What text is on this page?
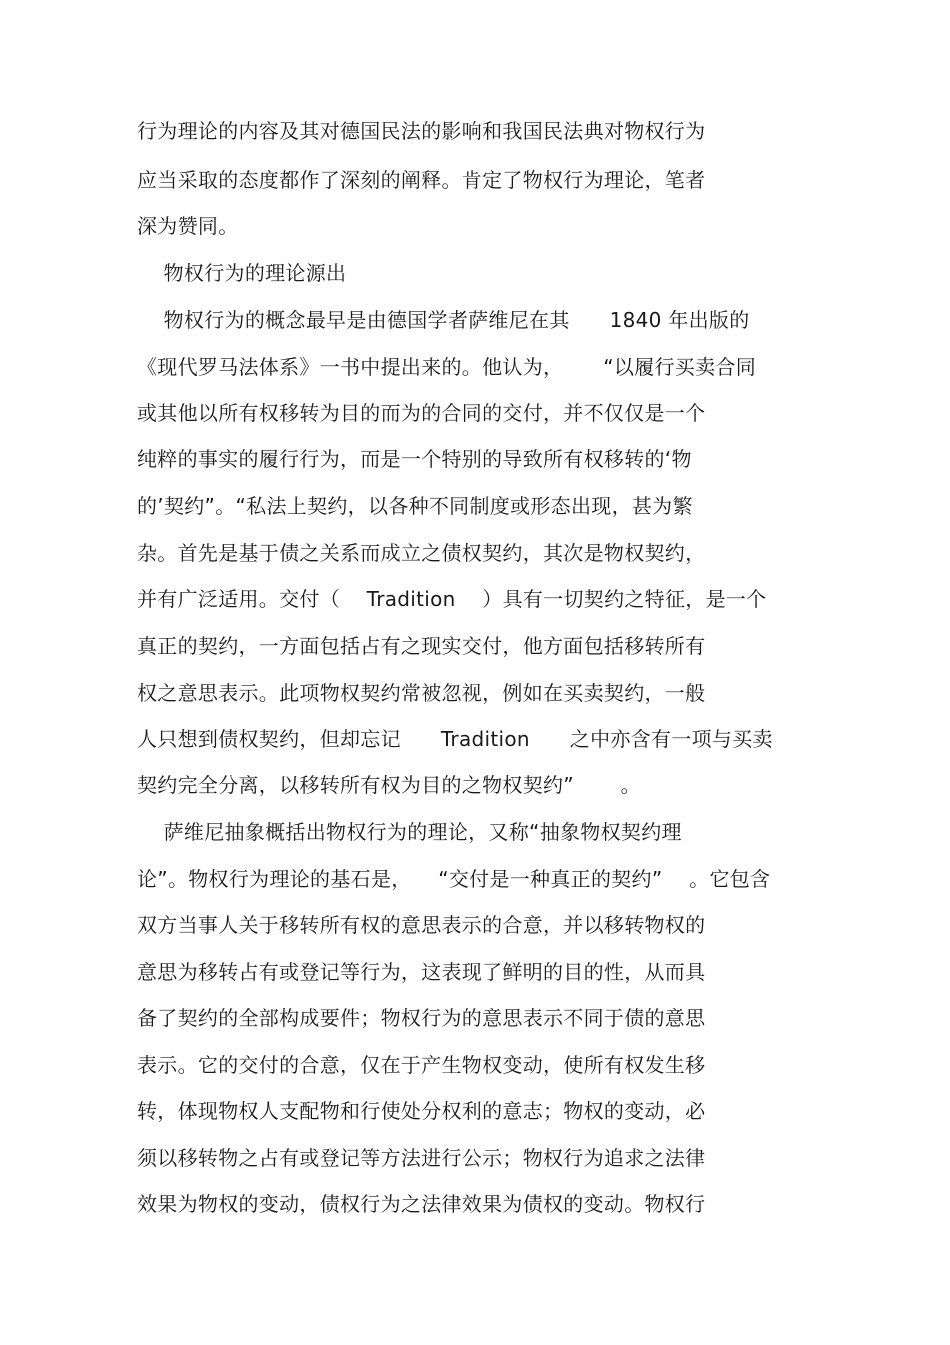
行为理论的内容及其对德国民法的影响和我国民法典对物权行为
应当采取的态度都作了深刻的阐释。肯定了物权行为理论，笔者
深为赞同。
物权行为的理论源出
物权行为的概念最早是由德国学者萨维尼在其      1840 年出版的
《现代罗马法体系》一书中提出来的。他认为，      “以履行买卖合同
或其他以所有权移转为目的而为的合同的交付，并不仅仅是一个
纯粹的事实的履行行为，而是一个特别的导致所有权移转的‘物
的’契约”。“私法上契约，以各种不同制度或形态出现，甚为繁
杂。首先是基于债之关系而成立之债权契约，其次是物权契约，
并有广泛适用。交付（    Tradition    ）具有一切契约之特征，是一个
真正的契约，一方面包括占有之现实交付，他方面包括移转所有
权之意思表示。此项物权契约常被忽视，例如在买卖契约，一般
人只想到债权契约，但却忘记      Tradition      之中亦含有一项与买卖
契约完全分离，以移转所有权为目的之物权契约”       。
萨维尼抽象概括出物权行为的理论，又称“抽象物权契约理
论”。物权行为理论的基石是，    “交付是一种真正的契约”    。它包含
双方当事人关于移转所有权的意思表示的合意，并以移转物权的
意思为移转占有或登记等行为，这表现了鲜明的目的性，从而具
备了契约的全部构成要件；物权行为的意思表示不同于债的意思
表示。它的交付的合意，仅在于产生物权变动，使所有权发生移
转，体现物权人支配物和行使处分权利的意志；物权的变动，必
须以移转物之占有或登记等方法进行公示；物权行为追求之法律
效果为物权的变动，债权行为之法律效果为债权的变动。物权行
